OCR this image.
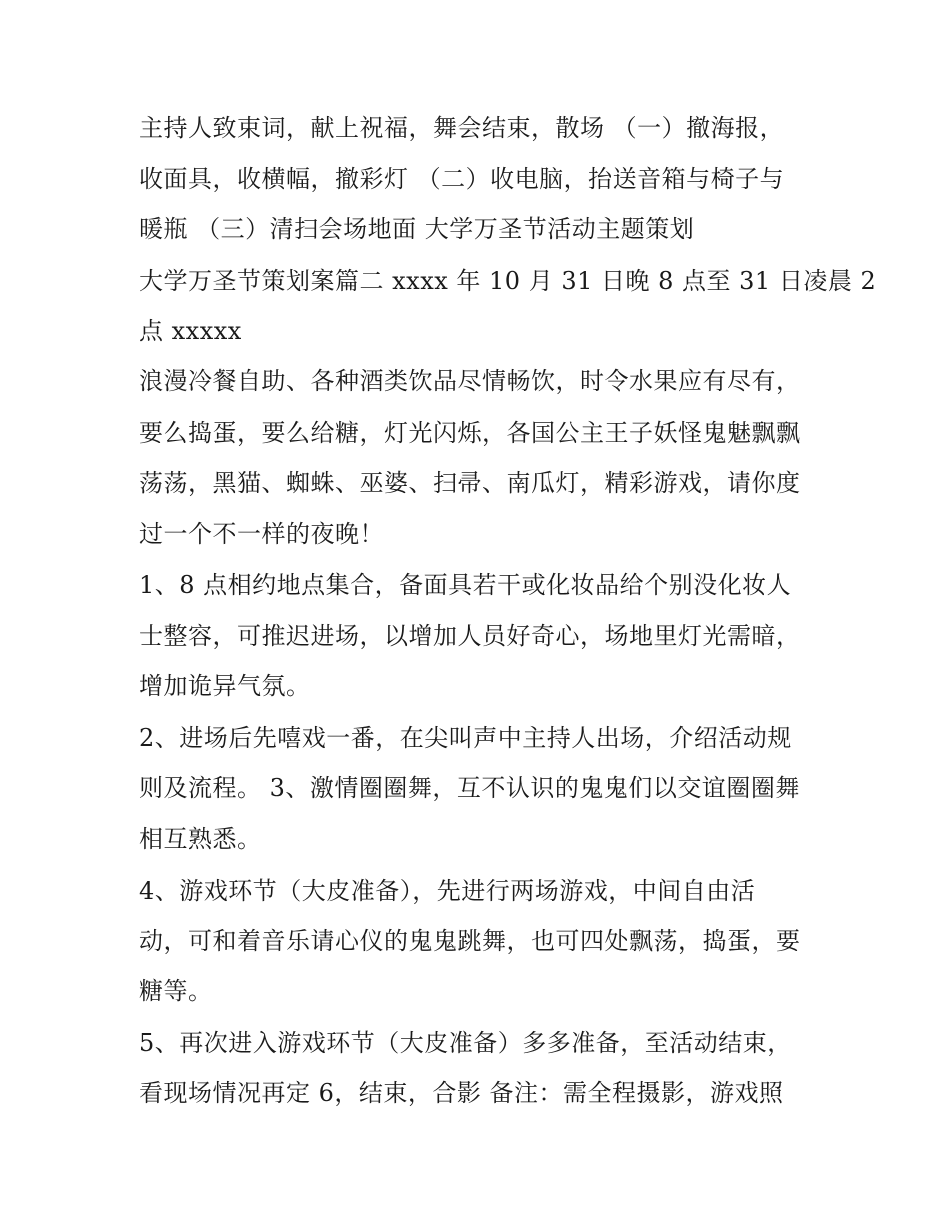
主持人致束词，献上祝福，舞会结束，散场 （一）撤海报，
收面具，收横幅，撤彩灯 （二）收电脑，抬送音箱与椅子与
暖瓶 （三）清扫会场地面 大学万圣节活动主题策划
大学万圣节策划案篇二 xxxx 年 10 月 31 日晚 8 点至 31 日凌晨 2
点 xxxxx
浪漫冷餐自助、各种酒类饮品尽情畅饮，时令水果应有尽有，
要么捣蛋，要么给糖，灯光闪烁，各国公主王子妖怪鬼魅飘飘
荡荡，黑猫、蜘蛛、巫婆、扫帚、南瓜灯，精彩游戏，请你度
过一个不一样的夜晚！
1、8 点相约地点集合，备面具若干或化妆品给个别没化妆人
士整容，可推迟进场，以增加人员好奇心，场地里灯光需暗，
增加诡异气氛。
2、进场后先嘻戏一番，在尖叫声中主持人出场，介绍活动规
则及流程。 3、激情圈圈舞，互不认识的鬼鬼们以交谊圈圈舞
相互熟悉。
4、游戏环节（大皮准备），先进行两场游戏，中间自由活
动，可和着音乐请心仪的鬼鬼跳舞，也可四处飘荡，捣蛋，要
糖等。
5、再次进入游戏环节（大皮准备）多多准备，至活动结束，
看现场情况再定 6，结束，合影 备注：需全程摄影，游戏照
